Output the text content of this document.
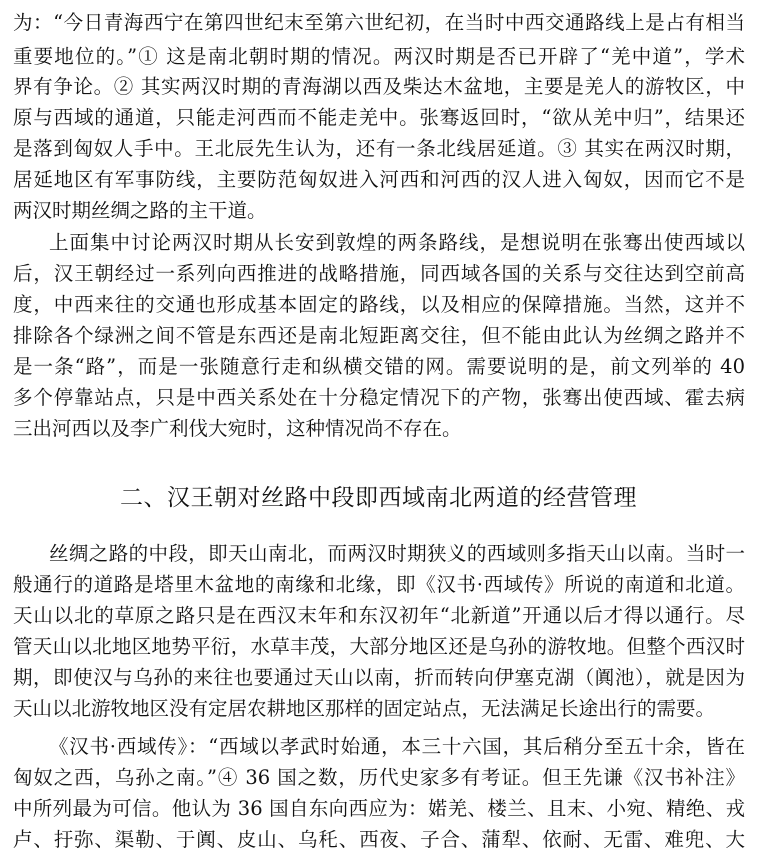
为：“今日青海西宁在第四世纪末至第六世纪初，在当时中西交通路线上是占有相当
重要地位的。”① 这是南北朝时期的情况。两汉时期是否已开辟了“羌中道”，学术
界有争论。② 其实两汉时期的青海湖以西及柴达木盆地，主要是羌人的游牧区，中
原与西域的通道，只能走河西而不能走羌中。张骞返回时，“欲从羌中归”，结果还
是落到匈奴人手中。王北辰先生认为，还有一条北线居延道。③ 其实在两汉时期，
居延地区有军事防线，主要防范匈奴进入河西和河西的汉人进入匈奴，因而它不是
两汉时期丝绸之路的主干道。
上面集中讨论两汉时期从长安到敦煌的两条路线，是想说明在张骞出使西域以
后，汉王朝经过一系列向西推进的战略措施，同西域各国的关系与交往达到空前高
度，中西来往的交通也形成基本固定的路线，以及相应的保障措施。当然，这并不
排除各个绿洲之间不管是东西还是南北短距离交往，但不能由此认为丝绸之路并不
是一条“路”，而是一张随意行走和纵横交错的网。需要说明的是，前文列举的 40
多个停靠站点，只是中西关系处在十分稳定情况下的产物，张骞出使西域、霍去病
三出河西以及李广利伐大宛时，这种情况尚不存在。
二、汉王朝对丝路中段即西域南北两道的经营管理
丝绸之路的中段，即天山南北，而两汉时期狭义的西域则多指天山以南。当时一
般通行的道路是塔里木盆地的南缘和北缘，即《汉书·西域传》所说的南道和北道。
天山以北的草原之路只是在西汉末年和东汉初年“北新道”开通以后才得以通行。尽
管天山以北地区地势平衍，水草丰茂，大部分地区还是乌孙的游牧地。但整个西汉时
期，即使汉与乌孙的来往也要通过天山以南，折而转向伊塞克湖（阗池），就是因为
天山以北游牧地区没有定居农耕地区那样的固定站点，无法满足长途出行的需要。
《汉书·西域传》：“西域以孝武时始通，本三十六国，其后稍分至五十余，皆在
匈奴之西，乌孙之南。”④ 36 国之数，历代史家多有考证。但王先谦《汉书补注》
中所列最为可信。他认为 36 国自东向西应为：婼羌、楼兰、且末、小宛、精绝、戎
卢、扜弥、渠勒、于阗、皮山、乌秅、西夜、子合、蒲犁、依耐、无雷、难兜、大
